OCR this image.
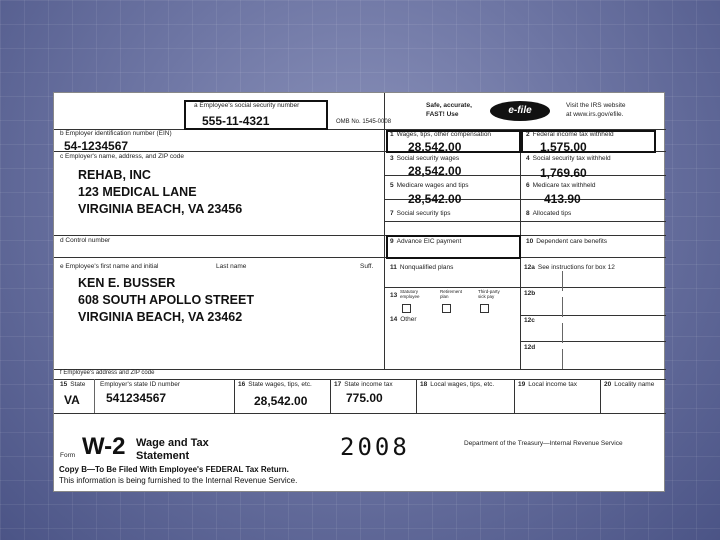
a Employee's social security number
555-11-4321	OMB No. 1545-0008
Safe, accurate,
FAST! Use	e-file	Visit the IRS website
at www.irs.gov/efile.
b Employer identification number (EIN)
54-1234567
c Employer's name, address, and ZIP code
REHAB, INC
123 MEDICAL LANE
VIRGINIA BEACH, VA 23456
d Control number
e Employee's first name and initial	Last name	Suff.
KEN E. BUSSER
608 SOUTH APOLLO STREET
VIRGINIA BEACH, VA 23462
f Employee's address and ZIP code
1 Wages, tips, other compensation
28,542.00
2 Federal income tax withheld
1,575.00
3 Social security wages
28,542.00
4 Social security tax withheld
1,769.60
5 Medicare wages and tips
28,542.00
6 Medicare tax withheld
413.90
7 Social security tips	8 Allocated tips
9 Advance EIC payment	10 Dependent care benefits
11 Nonqualified plans	12a See instructions for box 12
12b
12c
12d
13
Statutory employee
Retirement plan
Third-party sick pay
14 Other
15 State Employer's state ID number
VA 541234567
16 State wages, tips, etc.
28,542.00
17 State income tax
775.00
18 Local wages, tips, etc.	19 Local income tax	20 Locality name
Form W-2 Wage and Tax
Statement	2008	Department of the Treasury—Internal Revenue Service
Copy B—To Be Filed With Employee's FEDERAL Tax Return.
This information is being furnished to the Internal Revenue Service.
